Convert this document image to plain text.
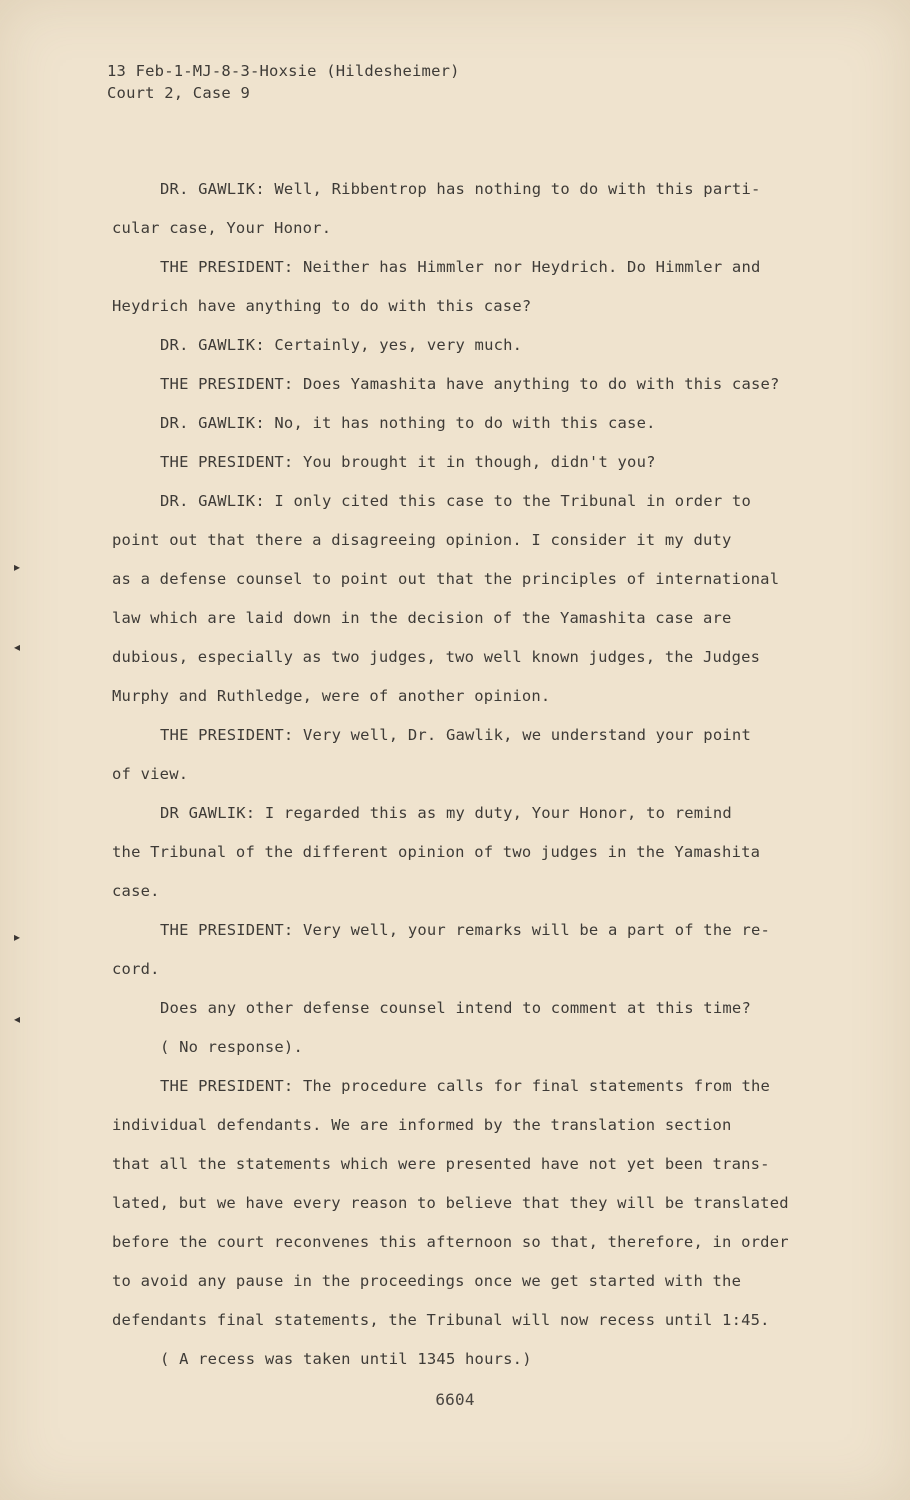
13 Feb-1-MJ-8-3-Hoxsie (Hildesheimer)
Court 2, Case 9
DR. GAWLIK: Well, Ribbentrop has nothing to do with this parti-
cular case, Your Honor.
THE PRESIDENT: Neither has Himmler nor Heydrich. Do Himmler and
Heydrich have anything to do with this case?
DR. GAWLIK: Certainly, yes, very much.
THE PRESIDENT: Does Yamashita have anything to do with this case?
DR. GAWLIK: No, it has nothing to do with this case.
THE PRESIDENT: You brought it in though, didn't you?
DR. GAWLIK: I only cited this case to the Tribunal in order to
point out that there a disagreeing opinion. I consider it my duty
as a defense counsel to point out that the principles of international
law which are laid down in the decision of the Yamashita case are
dubious, especially as two judges, two well known judges, the Judges
Murphy and Ruthledge, were of another opinion.
THE PRESIDENT: Very well, Dr. Gawlik, we understand your point
of view.
DR GAWLIK: I regarded this as my duty, Your Honor, to remind
the Tribunal of the different opinion of two judges in the Yamashita
case.
THE PRESIDENT: Very well, your remarks will be a part of the re-
cord.
Does any other defense counsel intend to comment at this time?
( No response).
THE PRESIDENT: The procedure calls for final statements from the
individual defendants. We are informed by the translation section
that all the statements which were presented have not yet been trans-
lated, but we have every reason to believe that they will be translated
before the court reconvenes this afternoon so that, therefore, in order
to avoid any pause in the proceedings once we get started with the
defendants final statements, the Tribunal will now recess until 1:45.
( A recess was taken until 1345 hours.)
6604
▸
◂
▸
◂
